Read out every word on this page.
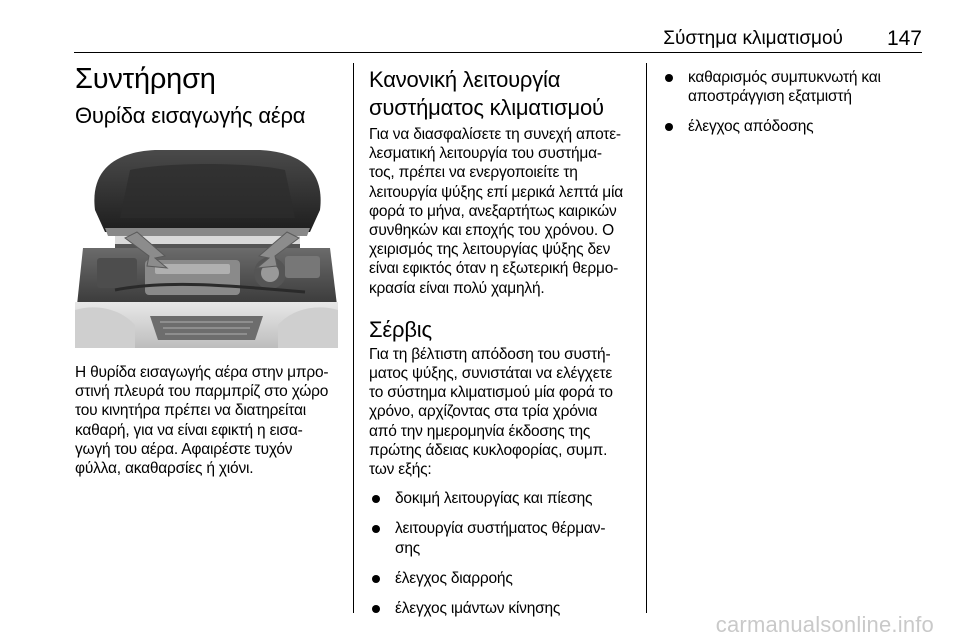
Σύστημα κλιματισμού 147
Συντήρηση
Θυρίδα εισαγωγής αέρα

Η θυρίδα εισαγωγής αέρα στην μπρο-

στινή πλευρά του παρμπρίζ στο χώρο

του κινητήρα πρέπει να διατηρείται

καθαρή, για να είναι εφικτή η εισα-

γωγή του αέρα. Αφαιρέστε τυχόν

φύλλα, ακαθαρσίες ή χιόνι.

Κανονική λειτουργία
συστήματος κλιματισμού

Για να διασφαλίσετε τη συνεχή αποτε-

λεσματική λειτουργία του συστήμα-

τος, πρέπει να ενεργοποιείτε τη

λειτουργία ψύξης επί μερικά λεπτά μία

φορά το μήνα, ανεξαρτήτως καιρικών

συνθηκών και εποχής του χρόνου. Ο

χειρισμός της λειτουργίας ψύξης δεν

είναι εφικτός όταν η εξωτερική θερμο-

κρασία είναι πολύ χαμηλή.

Σέρβις

Για τη βέλτιστη απόδοση του συστή-

ματος ψύξης, συνιστάται να ελέγχετε

το σύστημα κλιματισμού μία φορά το

χρόνο, αρχίζοντας στα τρία χρόνια

από την ημερομηνία έκδοσης της

πρώτης άδειας κυκλοφορίας, συμπ.

των εξής:

δοκιμή λειτουργίας και πίεσης
λειτουργία συστήματος θέρμαν-
σης
έλεγχος διαρροής
έλεγχος ιμάντων κίνησης
καθαρισμός συμπυκνωτή και
αποστράγγιση εξατμιστή
έλεγχος απόδοσης
carmanualsonline.info
